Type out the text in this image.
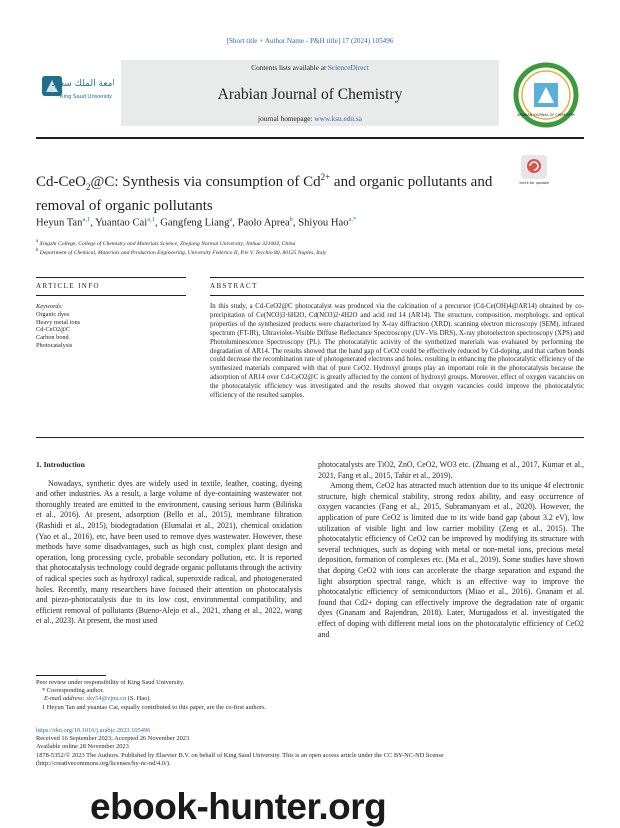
[Short title + Author Name - P&H title] 17 (2024) 105496
جامعة الملك سعود
King Saud University
Contents lists available at ScienceDirect
Arabian Journal of Chemistry
journal homepage: www.ksu.edu.sa	ARABIAN JOURNAL OF CHEMISTRY
Cd-CeO$_2$@C: Synthesis via consumption of $Cd^{2+}$ and organic pollutants and
removal of organic pollutants
Check for updates
Heyun Tan$^{a,1}$, Yuantao Cai$^{a,1}$, Gangfeng Liang$^a$, Paolo Aprea$^b$, Shiyou Hao$^{a,*}$
$^a$ Xingzhi College, College of Chemistry and Materials Science, Zhejiang Normal University, Jinhua 321004, China
$^b$ Department of Chemical, Materials and Production Engineering, University Federico II, P.le V. Tecchio 80, 80125 Naples, Italy
ARTICLE INFO	ABSTRACT
Keywords:
Organic dyes
Heavy metal ions
Cd-CeO2@C
Carbon bond
Photocatalysis
In this study, a Cd-CeO2@C photocatalyst was produced via the calcination of a precursor (Cd-Ce(OH)4@AR14) obtained by co-precipitation of Ce(NO3)3·6H2O, Cd(NO3)2·4H2O and acid red 14 (AR14). The structure, composition, morphology, and optical properties of the synthesized products were characterized by X-ray diffraction (XRD), scanning electron microscopy (SEM), infrared spectrum (FT-IR), Ultraviolet–Visible Diffuse Reflectance Spectroscopy (UV–Vis DRS), X-ray photoelectron spectroscopy (XPS) and Photoluminescence Spectroscopy (PL). The photocatalytic activity of the synthetized materials was evaluated by performing the degradation of AR14. The results showed that the band gap of CeO2 could be effectively reduced by Cd-doping, and that carbon bonds could decrease the recombination rate of photogenerated electrons and holes, resulting in enhancing the photocatalytic efficiency of the synthesized materials compared with that of pure CeO2. Hydroxyl groups play an important role in the photocatalysis because the adsorption of AR14 over Cd-CeO2@C is greatly affected by the content of hydroxyl groups. Moreover, effect of oxygen vacancies on the photocatalytic efficiency was investigated and the results showed that oxygen vacancies could improve the photocatalytic efficiency of the resulted samples.
1. Introduction

Nowadays, synthetic dyes are widely used in textile, leather, coating, dyeing and other industries. As a result, a large volume of dye-containing wastewater not thoroughly treated are emitted to the environment, causing serious harm (Bilińska et al., 2016). At present, adsorption (Bello et al., 2015), membrane filtration (Rashidi et al., 2015), biodegradation (Elumalai et al., 2021), chemical oxidation (Yao et al., 2016), etc, have been used to remove dyes wastewater. However, these methods have some disadvantages, such as high cost, complex plant design and operation, long processing cycle, probable secondary pollution, etc. It is reported that photocatalysis technology could degrade organic pollutants through the activity of radical species such as hydroxyl radical, superoxide radical, and photogenerated holes. Recently, many researchers have focused their attention on photocatalysis and piezo-photocatalysis due to its low cost, environmental compatibility, and efficient removal of pollutants (Bueno-Alejo et al., 2021, zhang et al., 2022, wang et al., 2023). At present, the most used

photocatalysts are TiO2, ZnO, CeO2, WO3 etc. (Zhuang et al., 2017, Kumar et al., 2021, Fang et al., 2015, Tahir et al., 2019).

Among them, CeO2 has attracted much attention due to its unique 4f electronic structure, high chemical stability, strong redox ability, and easy occurrence of oxygen vacancies (Fang et al., 2015, Subramanyam et al., 2020). However, the application of pure CeO2 is limited due to its wide band gap (about 3.2 eV), low utilization of visible light and low carrier mobility (Zeng et al., 2015). The photocatalytic efficiency of CeO2 can be improved by modifying its structure with several techniques, such as doping with metal or non-metal ions, precious metal deposition, formation of complexes etc. (Ma et al., 2019). Some studies have shown that doping CeO2 with ions can accelerate the charge separation and expand the light absorption spectral range, which is an effective way to improve the photocatalytic efficiency of semiconductors (Miao et al., 2016). Gnanam et al. found that Cd2+ doping can effectively improve the degradation rate of organic dyes (Gnanam and Rajendran, 2018). Later, Murugadoss et al. investigated the effect of doping with different metal ions on the photocatalytic efficiency of CeO2 and

Peer review under responsibility of King Saud University.
* Corresponding author.
E-mail address: sky54@zjnu.cn (S. Hao).
1 Heyun Tan and yuantao Cai, equally contributed to this paper, are the co-first authors.
https://doi.org/10.1016/j.arabjc.2023.105496
Received 16 September 2023; Accepted 26 November 2023
Available online 28 November 2023
1878-5352/© 2023 The Authors. Published by Elsevier B.V. on behalf of King Saud University. This is an open access article under the CC BY-NC-ND license
(http://creativecommons.org/licenses/by-nc-nd/4.0/).
ebook-hunter.org
